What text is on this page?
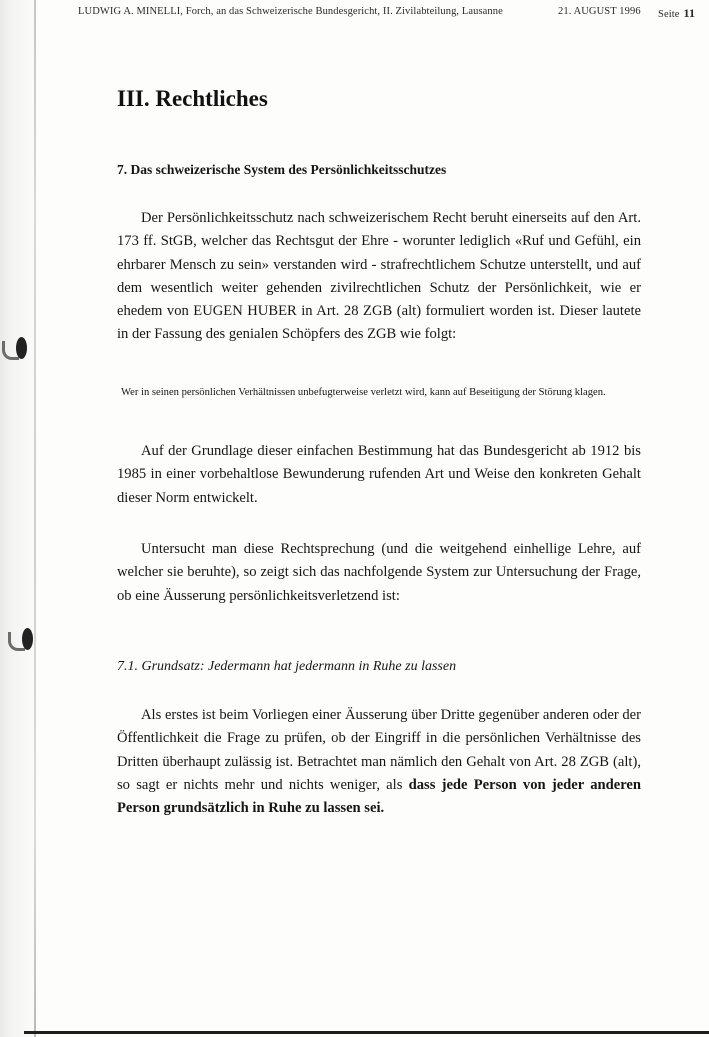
LUDWIG A. MINELLI, Forch, an das Schweizerische Bundesgericht, II. Zivilabteilung, Lausanne	21. AUGUST 1996 Seite 11
III. Rechtliches
7. Das schweizerische System des Persönlichkeitsschutzes

Der Persönlichkeitsschutz nach schweizerischem Recht beruht einerseits auf den Art. 173 ff. StGB, welcher das Rechtsgut der Ehre - worunter lediglich «Ruf und Gefühl, ein ehrbarer Mensch zu sein» verstanden wird - strafrechtlichem Schutze unterstellt, und auf dem wesentlich weiter gehenden zivilrechtlichen Schutz der Persönlichkeit, wie er ehedem von EUGEN HUBER in Art. 28 ZGB (alt) formuliert worden ist. Dieser lautete in der Fassung des genialen Schöpfers des ZGB wie folgt:

Wer in seinen persönlichen Verhältnissen unbefugterweise verletzt wird, kann auf Beseitigung der Störung klagen.

Auf der Grundlage dieser einfachen Bestimmung hat das Bundesgericht ab 1912 bis 1985 in einer vorbehaltlose Bewunderung rufenden Art und Weise den konkreten Gehalt dieser Norm entwickelt.

Untersucht man diese Rechtsprechung (und die weitgehend einhellige Lehre, auf welcher sie beruhte), so zeigt sich das nachfolgende System zur Untersuchung der Frage, ob eine Äusserung persönlichkeitsverletzend ist:

7.1. Grundsatz: Jedermann hat jedermann in Ruhe zu lassen

Als erstes ist beim Vorliegen einer Äusserung über Dritte gegenüber anderen oder der Öffentlichkeit die Frage zu prüfen, ob der Eingriff in die persönlichen Verhältnisse des Dritten überhaupt zulässig ist. Betrachtet man nämlich den Gehalt von Art. 28 ZGB (alt), so sagt er nichts mehr und nichts weniger, als dass jede Person von jeder anderen Person grundsätzlich in Ruhe zu lassen sei.
